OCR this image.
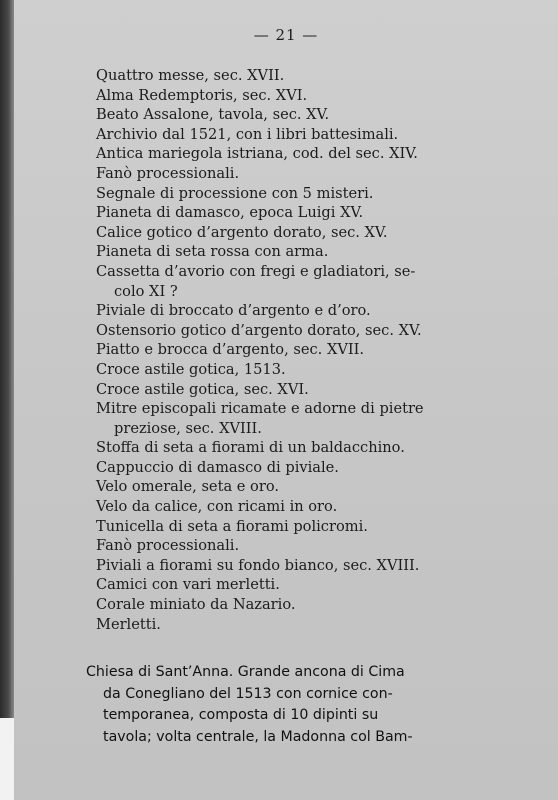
— 21 —
Quattro messe, sec. XVII.
Alma Redemptoris, sec. XVI.
Beato Assalone, tavola, sec. XV.
Archivio dal 1521, con i libri battesimali.
Antica mariegola istriana, cod. del sec. XIV.
Fanò processionali.
Segnale di processione con 5 misteri.
Pianeta di damasco, epoca Luigi XV.
Calice gotico d’argento dorato, sec. XV.
Pianeta di seta rossa con arma.
Cassetta d’avorio con fregi e gladiatori, se-
colo XI ?
Piviale di broccato d’argento e d’oro.
Ostensorio gotico d’argento dorato, sec. XV.
Piatto e brocca d’argento, sec. XVII.
Croce astile gotica, 1513.
Croce astile gotica, sec. XVI.
Mitre episcopali ricamate e adorne di pietre
preziose, sec. XVIII.
Stoffa di seta a fiorami di un baldacchino.
Cappuccio di damasco di piviale.
Velo omerale, seta e oro.
Velo da calice, con ricami in oro.
Tunicella di seta a fiorami policromi.
Fanò processionali.
Piviali a fiorami su fondo bianco, sec. XVIII.
Camici con vari merletti.
Corale miniato da Nazario.
Merletti.
Chiesa di Sant’Anna. Grande ancona di Cima
da Conegliano del 1513 con cornice con-
temporanea, composta di 10 dipinti su
tavola; volta centrale, la Madonna col Bam-
